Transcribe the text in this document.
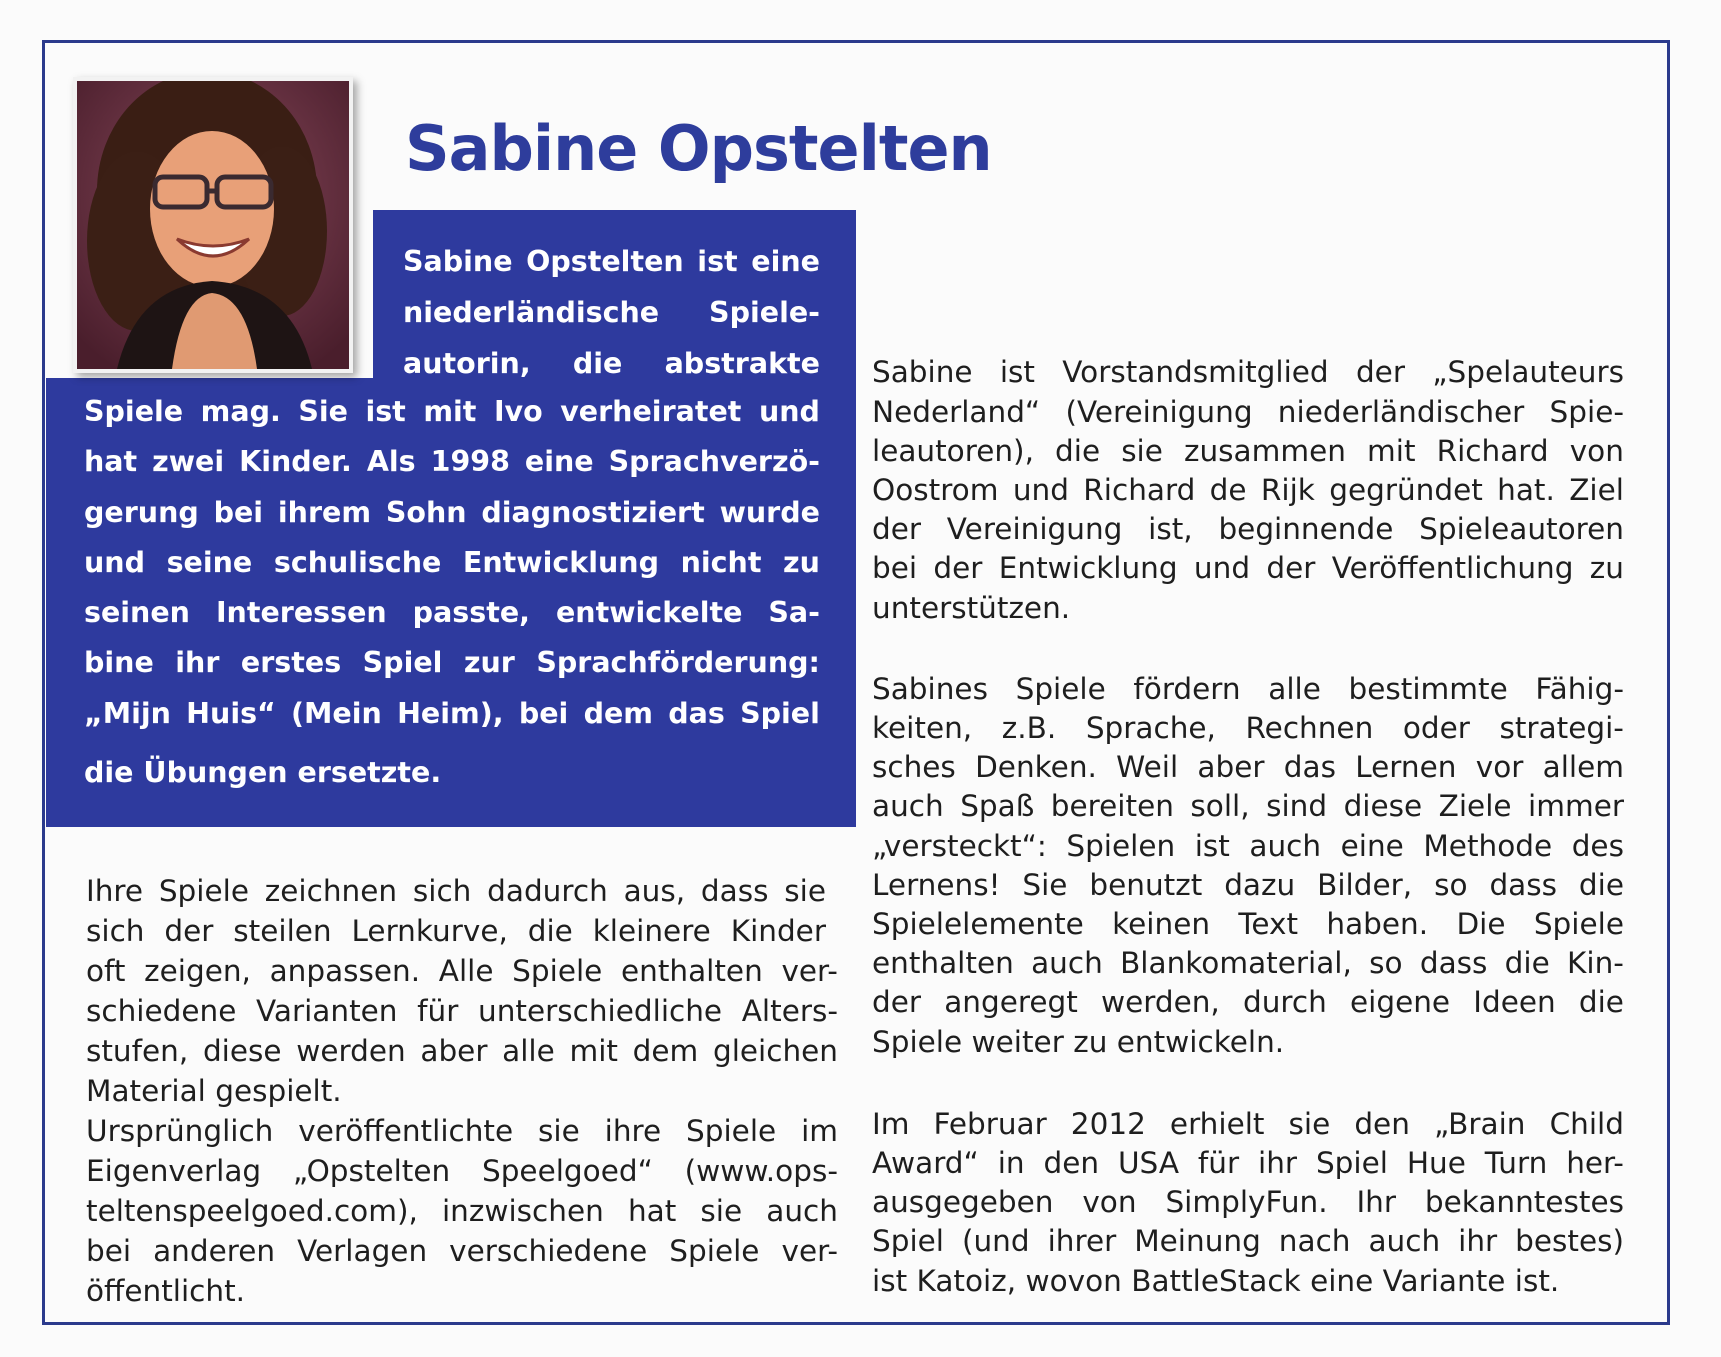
Sabine Opstelten
Sabine Opstelten ist eine
niederländische Spiele-
autorin, die abstrakte
Spiele mag. Sie ist mit Ivo verheiratet und
hat zwei Kinder. Als 1998 eine Sprachverzö-
gerung bei ihrem Sohn diagnostiziert wurde
und seine schulische Entwicklung nicht zu
seinen Interessen passte, entwickelte Sa-
bine ihr erstes Spiel zur Sprachförderung:
„Mijn Huis“ (Mein Heim), bei dem das Spiel
die Übungen ersetzte.
Ihre Spiele zeichnen sich dadurch aus, dass sie
sich der steilen Lernkurve, die kleinere Kinder
oft zeigen, anpassen. Alle Spiele enthalten ver-
schiedene Varianten für unterschiedliche Alters-
stufen, diese werden aber alle mit dem gleichen
Material gespielt.
Ursprünglich veröffentlichte sie ihre Spiele im
Eigenverlag „Opstelten Speelgoed“ (www.ops-
teltenspeelgoed.com), inzwischen hat sie auch
bei anderen Verlagen verschiedene Spiele ver-
öffentlicht.
Sabine ist Vorstandsmitglied der „Spelauteurs
Nederland“ (Vereinigung niederländischer Spie-
leautoren), die sie zusammen mit Richard von
Oostrom und Richard de Rijk gegründet hat. Ziel
der Vereinigung ist, beginnende Spieleautoren
bei der Entwicklung und der Veröffentlichung zu
unterstützen.
Sabines Spiele fördern alle bestimmte Fähig-
keiten, z.B. Sprache, Rechnen oder strategi-
sches Denken. Weil aber das Lernen vor allem
auch Spaß bereiten soll, sind diese Ziele immer
„versteckt“: Spielen ist auch eine Methode des
Lernens! Sie benutzt dazu Bilder, so dass die
Spielelemente keinen Text haben. Die Spiele
enthalten auch Blankomaterial, so dass die Kin-
der angeregt werden, durch eigene Ideen die
Spiele weiter zu entwickeln.
Im Februar 2012 erhielt sie den „Brain Child
Award“ in den USA für ihr Spiel Hue Turn her-
ausgegeben von SimplyFun. Ihr bekanntestes
Spiel (und ihrer Meinung nach auch ihr bestes)
ist Katoiz, wovon BattleStack eine Variante ist.
